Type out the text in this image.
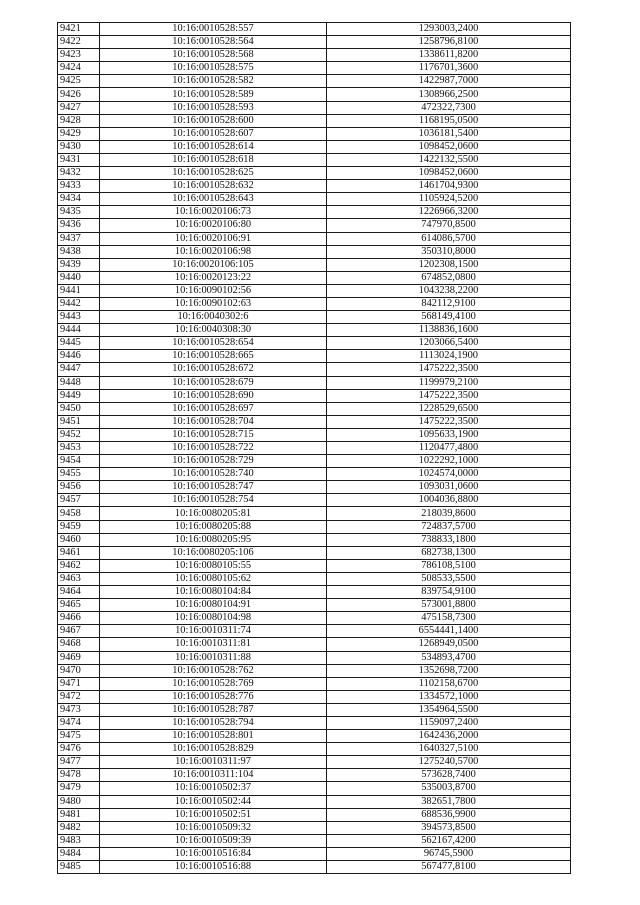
9421	10:16:0010528:557	1293003,2400
9422	10:16:0010528:564	1258796,8100
9423	10:16:0010528:568	1338611,8200
9424	10:16:0010528:575	1176701,3600
9425	10:16:0010528:582	1422987,7000
9426	10:16:0010528:589	1308966,2500
9427	10:16:0010528:593	472322,7300
9428	10:16:0010528:600	1168195,0500
9429	10:16:0010528:607	1036181,5400
9430	10:16:0010528:614	1098452,0600
9431	10:16:0010528:618	1422132,5500
9432	10:16:0010528:625	1098452,0600
9433	10:16:0010528:632	1461704,9300
9434	10:16:0010528:643	1105924,5200
9435	10:16:0020106:73	1226966,3200
9436	10:16:0020106:80	747970,8500
9437	10:16:0020106:91	614086,5700
9438	10:16:0020106:98	350310,8000
9439	10:16:0020106:105	1202308,1500
9440	10:16:0020123:22	674852,0800
9441	10:16:0090102:56	1043238,2200
9442	10:16:0090102:63	842112,9100
9443	10:16:0040302:6	568149,4100
9444	10:16:0040308:30	1138836,1600
9445	10:16:0010528:654	1203066,5400
9446	10:16:0010528:665	1113024,1900
9447	10:16:0010528:672	1475222,3500
9448	10:16:0010528:679	1199979,2100
9449	10:16:0010528:690	1475222,3500
9450	10:16:0010528:697	1228529,6500
9451	10:16:0010528:704	1475222,3500
9452	10:16:0010528:715	1095633,1900
9453	10:16:0010528:722	1120477,4800
9454	10:16:0010528:729	1022292,1000
9455	10:16:0010528:740	1024574,0000
9456	10:16:0010528:747	1093031,0600
9457	10:16:0010528:754	1004036,8800
9458	10:16:0080205:81	218039,8600
9459	10:16:0080205:88	724837,5700
9460	10:16:0080205:95	738833,1800
9461	10:16:0080205:106	682738,1300
9462	10:16:0080105:55	786108,5100
9463	10:16:0080105:62	508533,5500
9464	10:16:0080104:84	839754,9100
9465	10:16:0080104:91	573001,8800
9466	10:16:0080104:98	475158,7300
9467	10:16:0010311:74	6554441,1400
9468	10:16:0010311:81	1268949,0500
9469	10:16:0010311:88	534893,4700
9470	10:16:0010528:762	1352698,7200
9471	10:16:0010528:769	1102158,6700
9472	10:16:0010528:776	1334572,1000
9473	10:16:0010528:787	1354964,5500
9474	10:16:0010528:794	1159097,2400
9475	10:16:0010528:801	1642436,2000
9476	10:16:0010528:829	1640327,5100
9477	10:16:0010311:97	1275240,5700
9478	10:16:0010311:104	573628,7400
9479	10:16:0010502:37	535003,8700
9480	10:16:0010502:44	382651,7800
9481	10:16:0010502:51	688536,9900
9482	10:16:0010509:32	394573,8500
9483	10:16:0010509:39	562167,4200
9484	10:16:0010516:84	96745,5900
9485	10:16:0010516:88	567477,8100
